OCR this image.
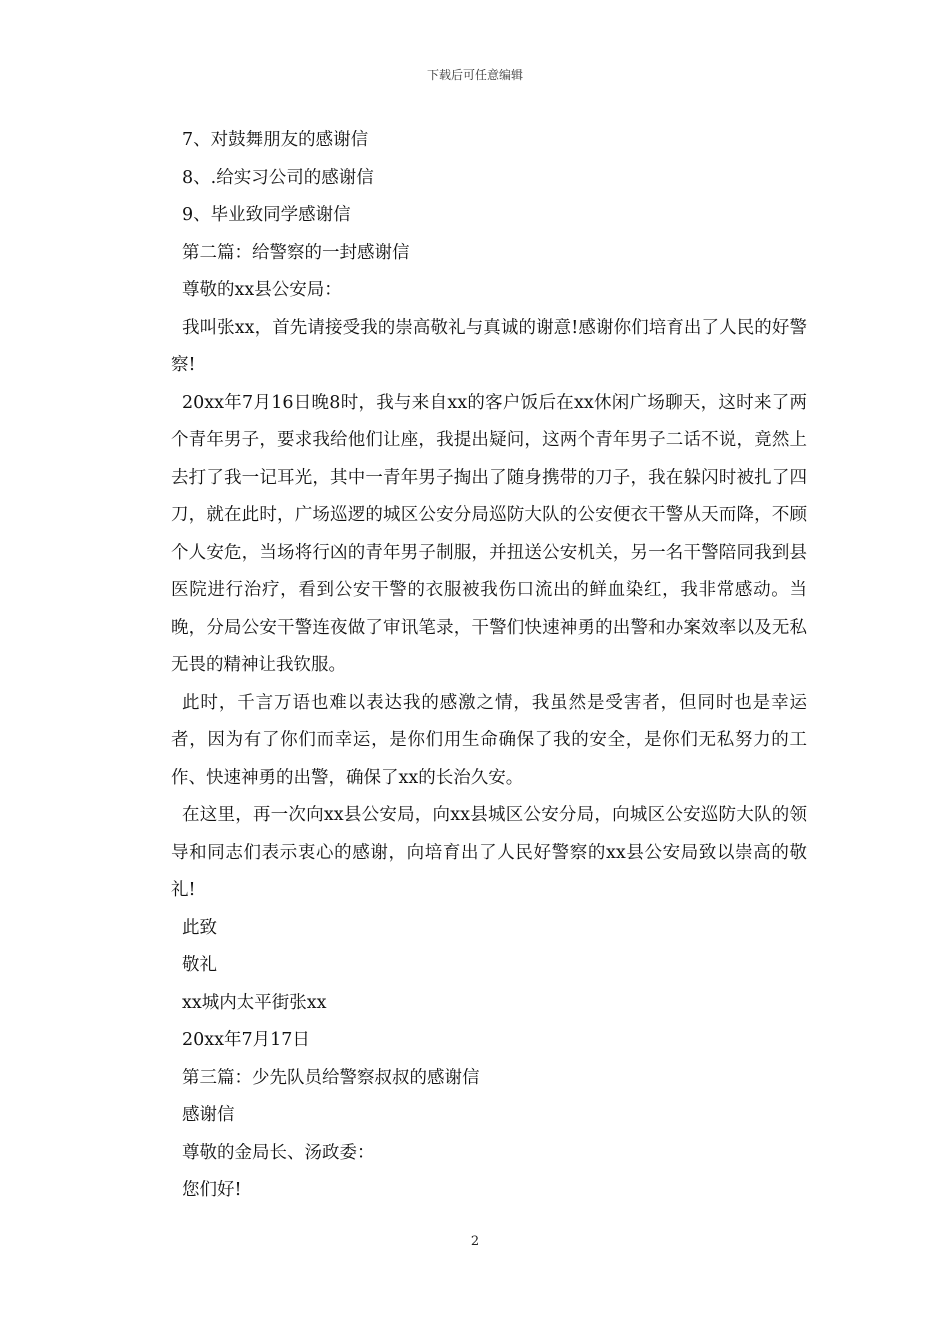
下载后可任意编辑

7、对鼓舞朋友的感谢信

8、.给实习公司的感谢信

9、毕业致同学感谢信

第二篇：给警察的一封感谢信

尊敬的xx县公安局：

我叫张xx，首先请接受我的崇高敬礼与真诚的谢意!感谢你们培育出了人民的好警察!

20xx年7月16日晚8时，我与来自xx的客户饭后在xx休闲广场聊天，这时来了两个青年男子，要求我给他们让座，我提出疑问，这两个青年男子二话不说，竟然上去打了我一记耳光，其中一青年男子掏出了随身携带的刀子，我在躲闪时被扎了四刀，就在此时，广场巡逻的城区公安分局巡防大队的公安便衣干警从天而降，不顾个人安危，当场将行凶的青年男子制服，并扭送公安机关，另一名干警陪同我到县医院进行治疗，看到公安干警的衣服被我伤口流出的鲜血染红，我非常感动。当晚，分局公安干警连夜做了审讯笔录，干警们快速神勇的出警和办案效率以及无私无畏的精神让我钦服。

此时，千言万语也难以表达我的感激之情，我虽然是受害者，但同时也是幸运者，因为有了你们而幸运，是你们用生命确保了我的安全，是你们无私努力的工作、快速神勇的出警，确保了xx的长治久安。

在这里，再一次向xx县公安局，向xx县城区公安分局，向城区公安巡防大队的领导和同志们表示衷心的感谢，向培育出了人民好警察的xx县公安局致以崇高的敬礼!

此致

敬礼

xx城内太平街张xx

20xx年7月17日

第三篇：少先队员给警察叔叔的感谢信

感谢信

尊敬的金局长、汤政委：

您们好!

2
